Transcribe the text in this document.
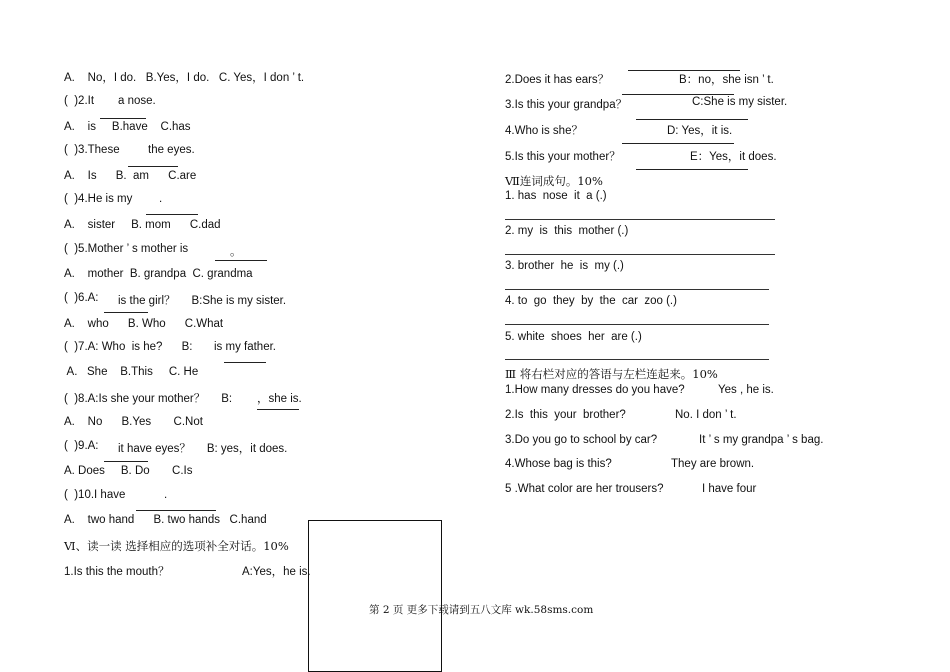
A.    No，I do.   B.Yes，I do.   C. Yes，I don ’ t.
(  )2.It a nose.
A.    is     B.have    C.has
(  )3.These the eyes.
A.    Is      B.  am      C.are
(  )4.He is my .
A.    sister     B. mom      C.dad
(  )5.Mother ’ s mother is	。
A.    mother  B. grandpa  C. grandma
(  )6.A: is the girl？     B:She is my sister.
A.    who      B. Who      C.What
(  )7.A: Who  is he?      B: is my father.
A.   She    B.This     C. He
(  )8.A:Is she your mother？     B: ，she is.
A.    No      B.Yes       C.Not
(  )9.A: it have eyes？     B: yes，it does.
A. Does     B. Do       C.Is
(  )10.I have	.
A.    two hand      B. two hands   C.hand
Ⅵ、读一读 选择相应的选项补全对话。10%
1.Is this the mouth？	A:Yes，he is.
2.Does it has ears？	B：no，she isn ’ t.
3.Is this your grandpa？	C:She is my sister.
4.Who is she？	D: Yes，it is.
5.Is this your mother？	E：Yes，it does.
Ⅶ连词成句。10%
1. has  nose  it  a (.)
2. my  is  this  mother (.)
3. brother  he  is  my (.)
4. to  go  they  by  the  car  zoo (.)
5. white  shoes  her  are (.)
Ⅲ 将右栏对应的答语与左栏连起来。10%
1.How many dresses do you have?	Yes , he is.
2.Is  this  your  brother?	No. I don ’ t.
3.Do you go to school by car?	It ’ s my grandpa ’ s bag.
4.Whose bag is this?	They are brown.
5 .What color are her trousers?	I have four
第 2 页 更多下载请到五八文库 wk.58sms.com
